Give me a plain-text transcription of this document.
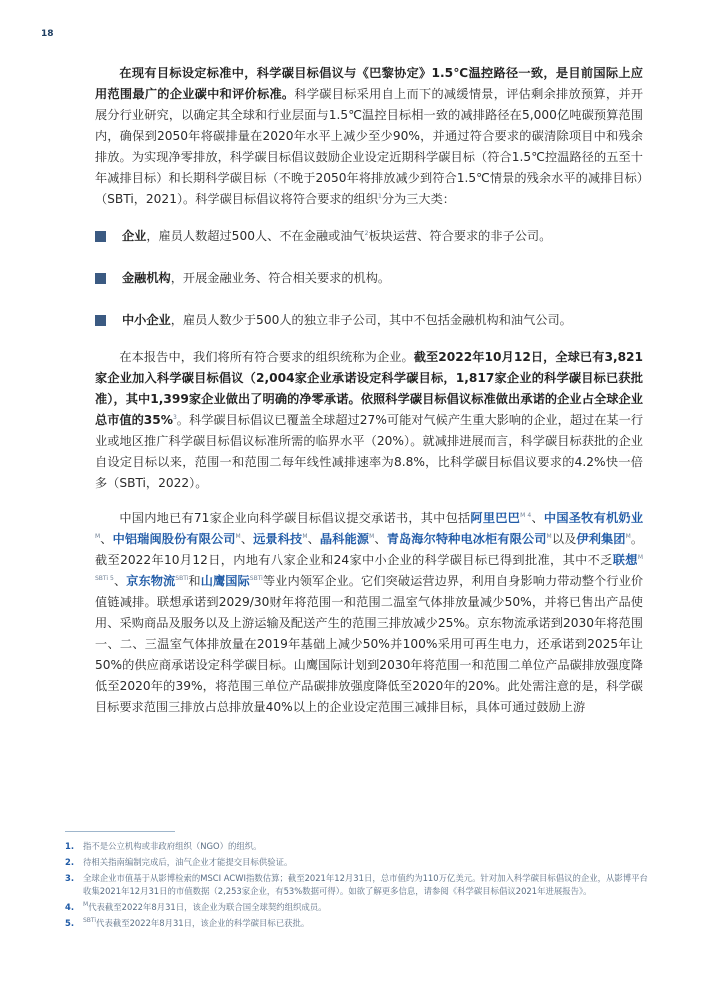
18

在现有目标设定标准中，科学碳目标倡议与《巴黎协定》1.5℃温控路径一致，是目前国际上应用范围最广的企业碳中和评价标准。科学碳目标采用自上而下的减缓情景，评估剩余排放预算，并开展分行业研究，以确定其全球和行业层面与1.5℃温控目标相一致的减排路径在5,000亿吨碳预算范围内，确保到2050年将碳排量在2020年水平上减少至少90%，并通过符合要求的碳清除项目中和残余排放。为实现净零排放，科学碳目标倡议鼓励企业设定近期科学碳目标（符合1.5℃控温路径的五至十年减排目标）和长期科学碳目标（不晚于2050年将排放减少到符合1.5℃情景的残余水平的减排目标）（SBTi，2021）。科学碳目标倡议将符合要求的组织$^1$分为三大类：

企业，雇员人数超过500人、不在金融或油气$^2$板块运营、符合要求的非子公司。
金融机构，开展金融业务、符合相关要求的机构。
中小企业，雇员人数少于500人的独立非子公司，其中不包括金融机构和油气公司。

在本报告中，我们将所有符合要求的组织统称为企业。截至2022年10月12日，全球已有3,821家企业加入科学碳目标倡议（2,004家企业承诺设定科学碳目标，1,817家企业的科学碳目标已获批准），其中1,399家企业做出了明确的净零承诺。依照科学碳目标倡议标准做出承诺的企业占全球企业总市值的35%$^3$。科学碳目标倡议已覆盖全球超过27%可能对气候产生重大影响的企业，超过在某一行业或地区推广科学碳目标倡议标准所需的临界水平（20%）。就减排进展而言，科学碳目标获批的企业自设定目标以来，范围一和范围二每年线性减排速率为8.8%，比科学碳目标倡议要求的4.2%快一倍多（SBTi，2022）。

中国内地已有71家企业向科学碳目标倡议提交承诺书，其中包括阿里巴巴$^{M 4}$、中国圣牧有机奶业$^M$、中铝瑞闽股份有限公司$^M$、远景科技$^M$、晶科能源$^M$、青岛海尔特种电冰柜有限公司$^M$以及伊利集团$^M$。截至2022年10月12日，内地有八家企业和24家中小企业的科学碳目标已得到批准，其中不乏联想$^{M SBTi 5}$、京东物流$^{SBTi}$和山鹰国际$^{SBTi}$等业内领军企业。它们突破运营边界，利用自身影响力带动整个行业价值链减排。联想承诺到2029/30财年将范围一和范围二温室气体排放量减少50%，并将已售出产品使用、采购商品及服务以及上游运输及配送产生的范围三排放减少25%。京东物流承诺到2030年将范围一、二、三温室气体排放量在2019年基础上减少50%并100%采用可再生电力，还承诺到2025年让50%的供应商承诺设定科学碳目标。山鹰国际计划到2030年将范围一和范围二单位产品碳排放强度降低至2020年的39%，将范围三单位产品碳排放强度降低至2020年的20%。此处需注意的是，科学碳目标要求范围三排放占总排放量40%以上的企业设定范围三减排目标，具体可通过鼓励上游

1. 指不是公立机构或非政府组织（NGO）的组织。

2. 待相关指南编制完成后，油气企业才能提交目标供验证。

3. 全球企业市值基于从影博检索的MSCI ACWI指数估算；截至2021年12月31日，总市值约为110万亿美元。针对加入科学碳目标倡议的企业，从影博平台收集2021年12月31日的市值数据（2,253家企业，有53%数据可得）。如欲了解更多信息，请参阅《科学碳目标倡议2021年进展报告》。

4. $^M$代表截至2022年8月31日，该企业为联合国全球契约组织成员。

5. $^{SBTi}$代表截至2022年8月31日，该企业的科学碳目标已获批。
